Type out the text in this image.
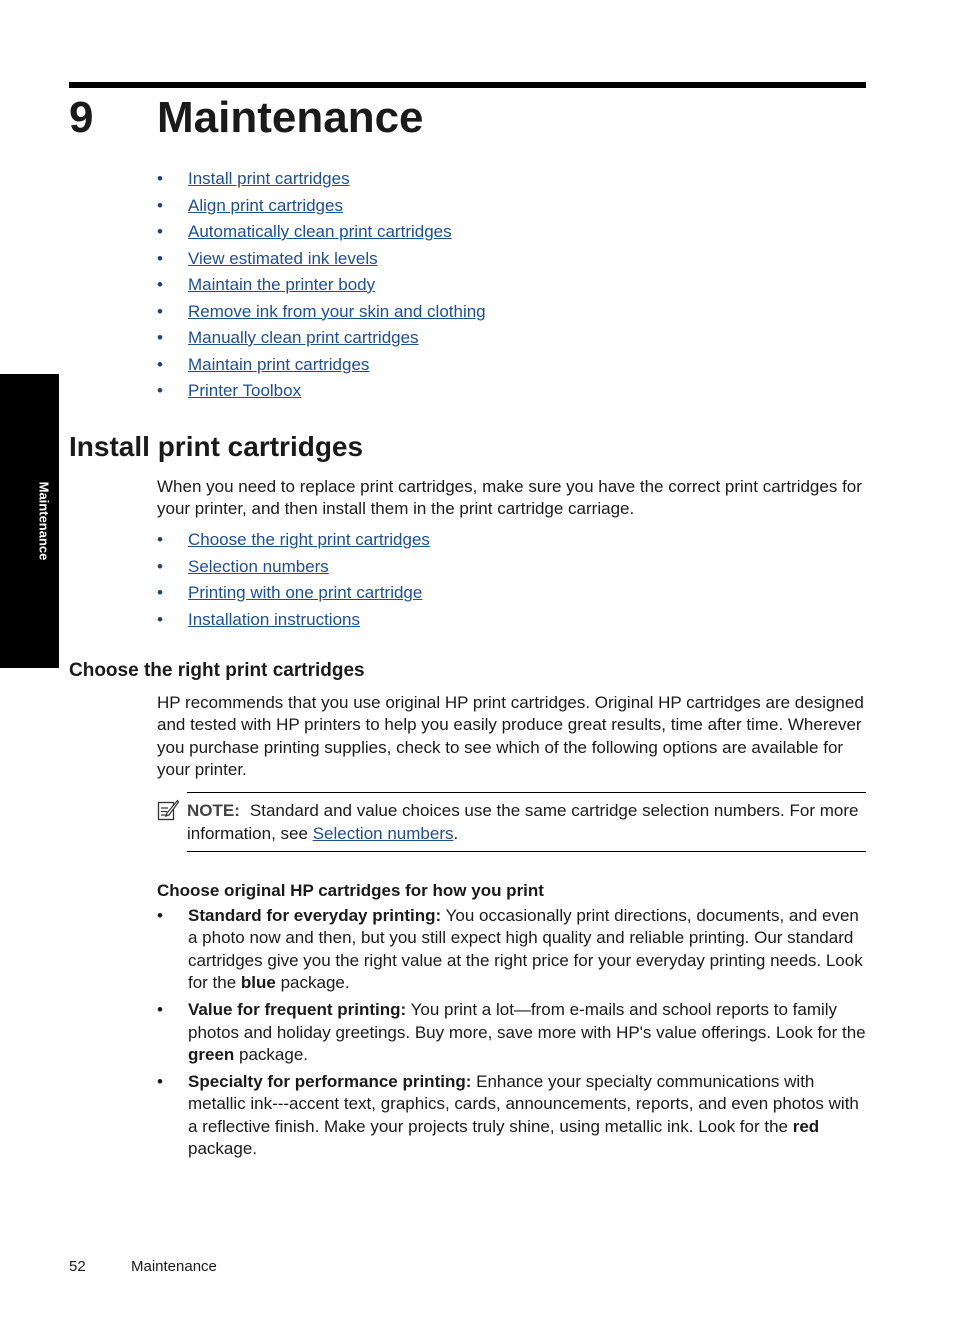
9 Maintenance
Maintenance
• Install print cartridges
• Align print cartridges
• Automatically clean print cartridges
• View estimated ink levels
• Maintain the printer body
• Remove ink from your skin and clothing
• Manually clean print cartridges
• Maintain print cartridges
• Printer Toolbox
Install print cartridges

When you need to replace print cartridges, make sure you have the correct print cartridges for your printer, and then install them in the print cartridge carriage.

• Choose the right print cartridges
• Selection numbers
• Printing with one print cartridge
• Installation instructions
Choose the right print cartridges

HP recommends that you use original HP print cartridges. Original HP cartridges are designed and tested with HP printers to help you easily produce great results, time after time. Wherever you purchase printing supplies, check to see which of the following options are available for your printer.

NOTE: Standard and value choices use the same cartridge selection numbers. For more information, see Selection numbers.

Choose original HP cartridges for how you print

• Standard for everyday printing: You occasionally print directions, documents, and even a photo now and then, but you still expect high quality and reliable printing. Our standard cartridges give you the right value at the right price for your everyday printing needs. Look for the blue package.
• Value for frequent printing: You print a lot—from e-mails and school reports to family photos and holiday greetings. Buy more, save more with HP's value offerings. Look for the green package.
• Specialty for performance printing: Enhance your specialty communications with metallic ink---accent text, graphics, cards, announcements, reports, and even photos with a reflective finish. Make your projects truly shine, using metallic ink. Look for the red package.
52	Maintenance
